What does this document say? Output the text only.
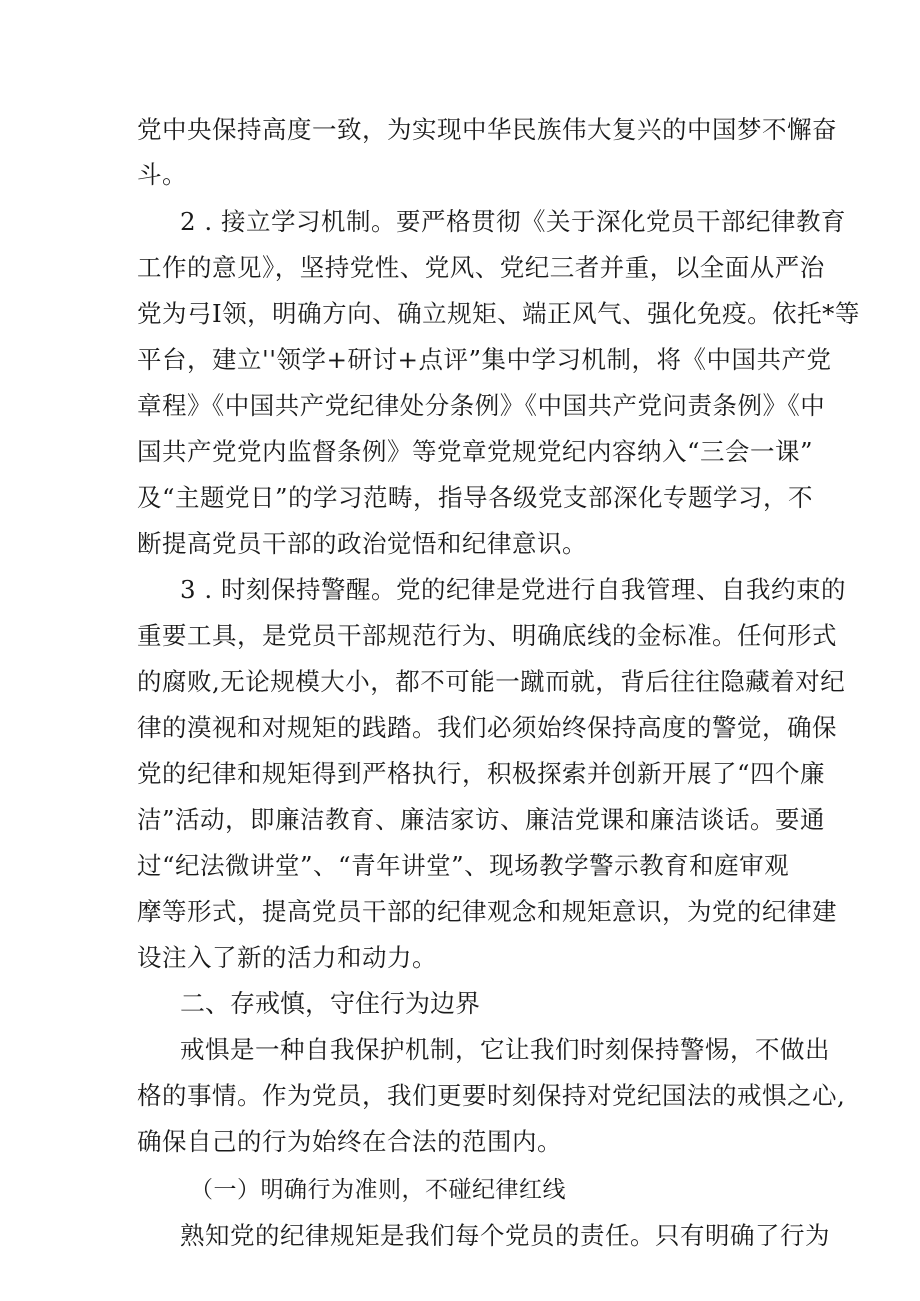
党中央保持高度一致，为实现中华民族伟大复兴的中国梦不懈奋
斗。
2 . 接立学习机制。要严格贯彻《关于深化党员干部纪律教育
工作的意见》，坚持党性、党风、党纪三者并重，以全面从严治
党为弓I领，明确方向、确立规矩、端正风气、强化免疫。依托*等
平台，建立''领学+研讨+点评”集中学习机制，将《中国共产党
章程》《中国共产党纪律处分条例》《中国共产党问责条例》《中
国共产党党内监督条例》等党章党规党纪内容纳入“三会一课”
及“主题党日”的学习范畴，指导各级党支部深化专题学习，不
断提高党员干部的政治觉悟和纪律意识。
3 . 时刻保持警醒。党的纪律是党进行自我管理、自我约束的
重要工具，是党员干部规范行为、明确底线的金标准。任何形式
的腐败,无论规模大小，都不可能一蹴而就，背后往往隐藏着对纪
律的漠视和对规矩的践踏。我们必须始终保持高度的警觉，确保
党的纪律和规矩得到严格执行，积极探索并创新开展了“四个廉
洁”活动，即廉洁教育、廉洁家访、廉洁党课和廉洁谈话。要通
过“纪法微讲堂”、“青年讲堂”、现场教学警示教育和庭审观
摩等形式，提高党员干部的纪律观念和规矩意识，为党的纪律建
设注入了新的活力和动力。
二、存戒慎，守住行为边界
戒惧是一种自我保护机制，它让我们时刻保持警惕，不做出
格的事情。作为党员，我们更要时刻保持对党纪国法的戒惧之心,
确保自己的行为始终在合法的范围内。
（一）明确行为准则，不碰纪律红线
熟知党的纪律规矩是我们每个党员的责任。只有明确了行为
